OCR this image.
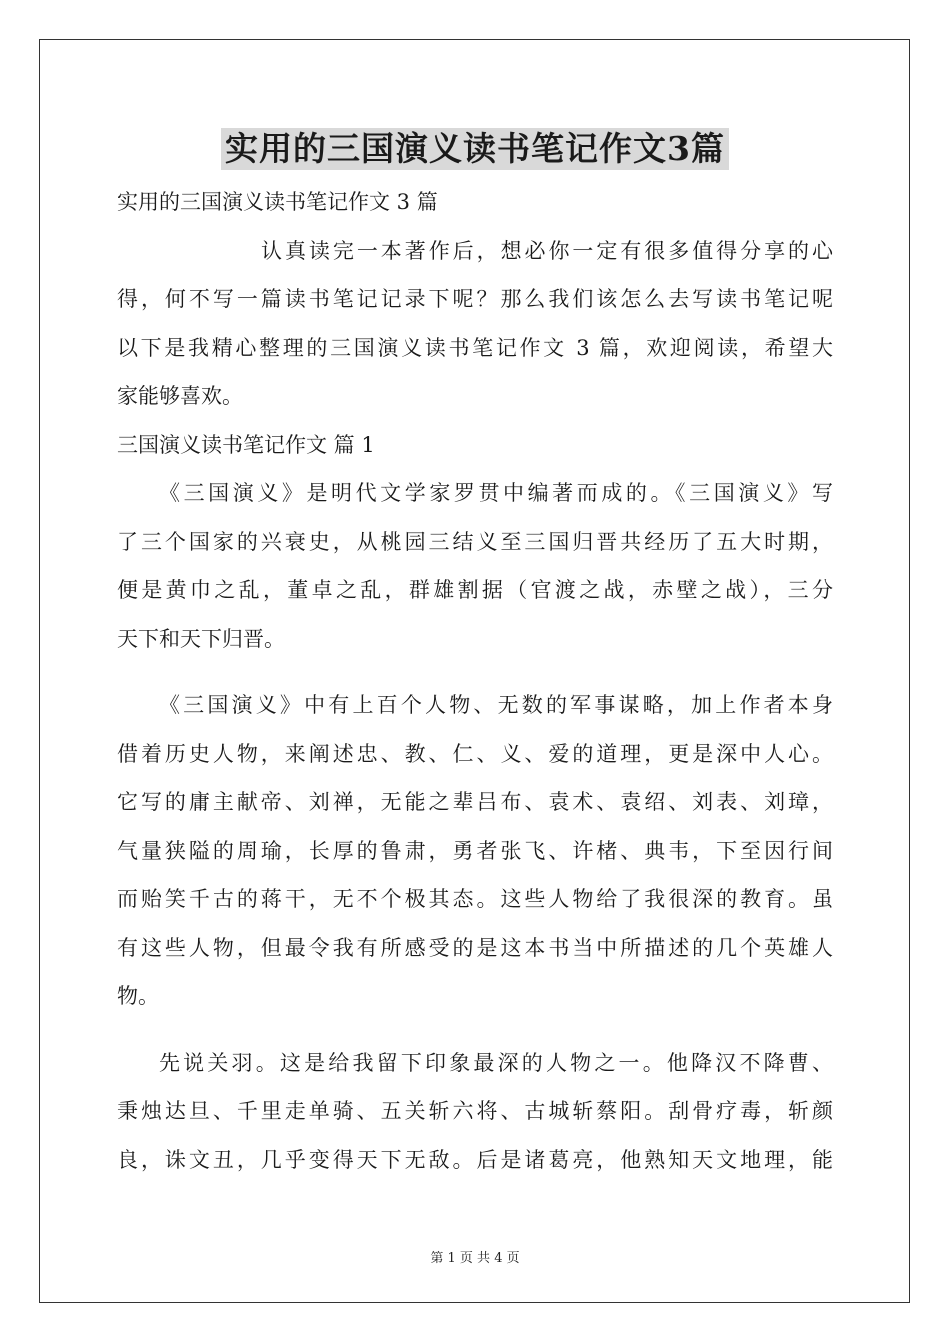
实用的三国演义读书笔记作文3篇
实用的三国演义读书笔记作文 3 篇
认真读完一本著作后，想必你一定有很多值得分享的心
得，何不写一篇读书笔记记录下呢？那么我们该怎么去写读书笔记呢
以下是我精心整理的三国演义读书笔记作文 3 篇，欢迎阅读，希望大
家能够喜欢。
三国演义读书笔记作文 篇 1
《三国演义》是明代文学家罗贯中编著而成的。《三国演义》写
了三个国家的兴衰史，从桃园三结义至三国归晋共经历了五大时期，
便是黄巾之乱，董卓之乱，群雄割据（官渡之战，赤壁之战），三分
天下和天下归晋。
《三国演义》中有上百个人物、无数的军事谋略，加上作者本身
借着历史人物，来阐述忠、教、仁、义、爱的道理，更是深中人心。
它写的庸主献帝、刘禅，无能之辈吕布、袁术、袁绍、刘表、刘璋，
气量狭隘的周瑜，长厚的鲁肃，勇者张飞、许楮、典韦，下至因行间
而贻笑千古的蒋干，无不个极其态。这些人物给了我很深的教育。虽
有这些人物，但最令我有所感受的是这本书当中所描述的几个英雄人
物。
先说关羽。这是给我留下印象最深的人物之一。他降汉不降曹、
秉烛达旦、千里走单骑、五关斩六将、古城斩蔡阳。刮骨疗毒，斩颜
良，诛文丑，几乎变得天下无敌。后是诸葛亮，他熟知天文地理，能
第 1 页 共 4 页
